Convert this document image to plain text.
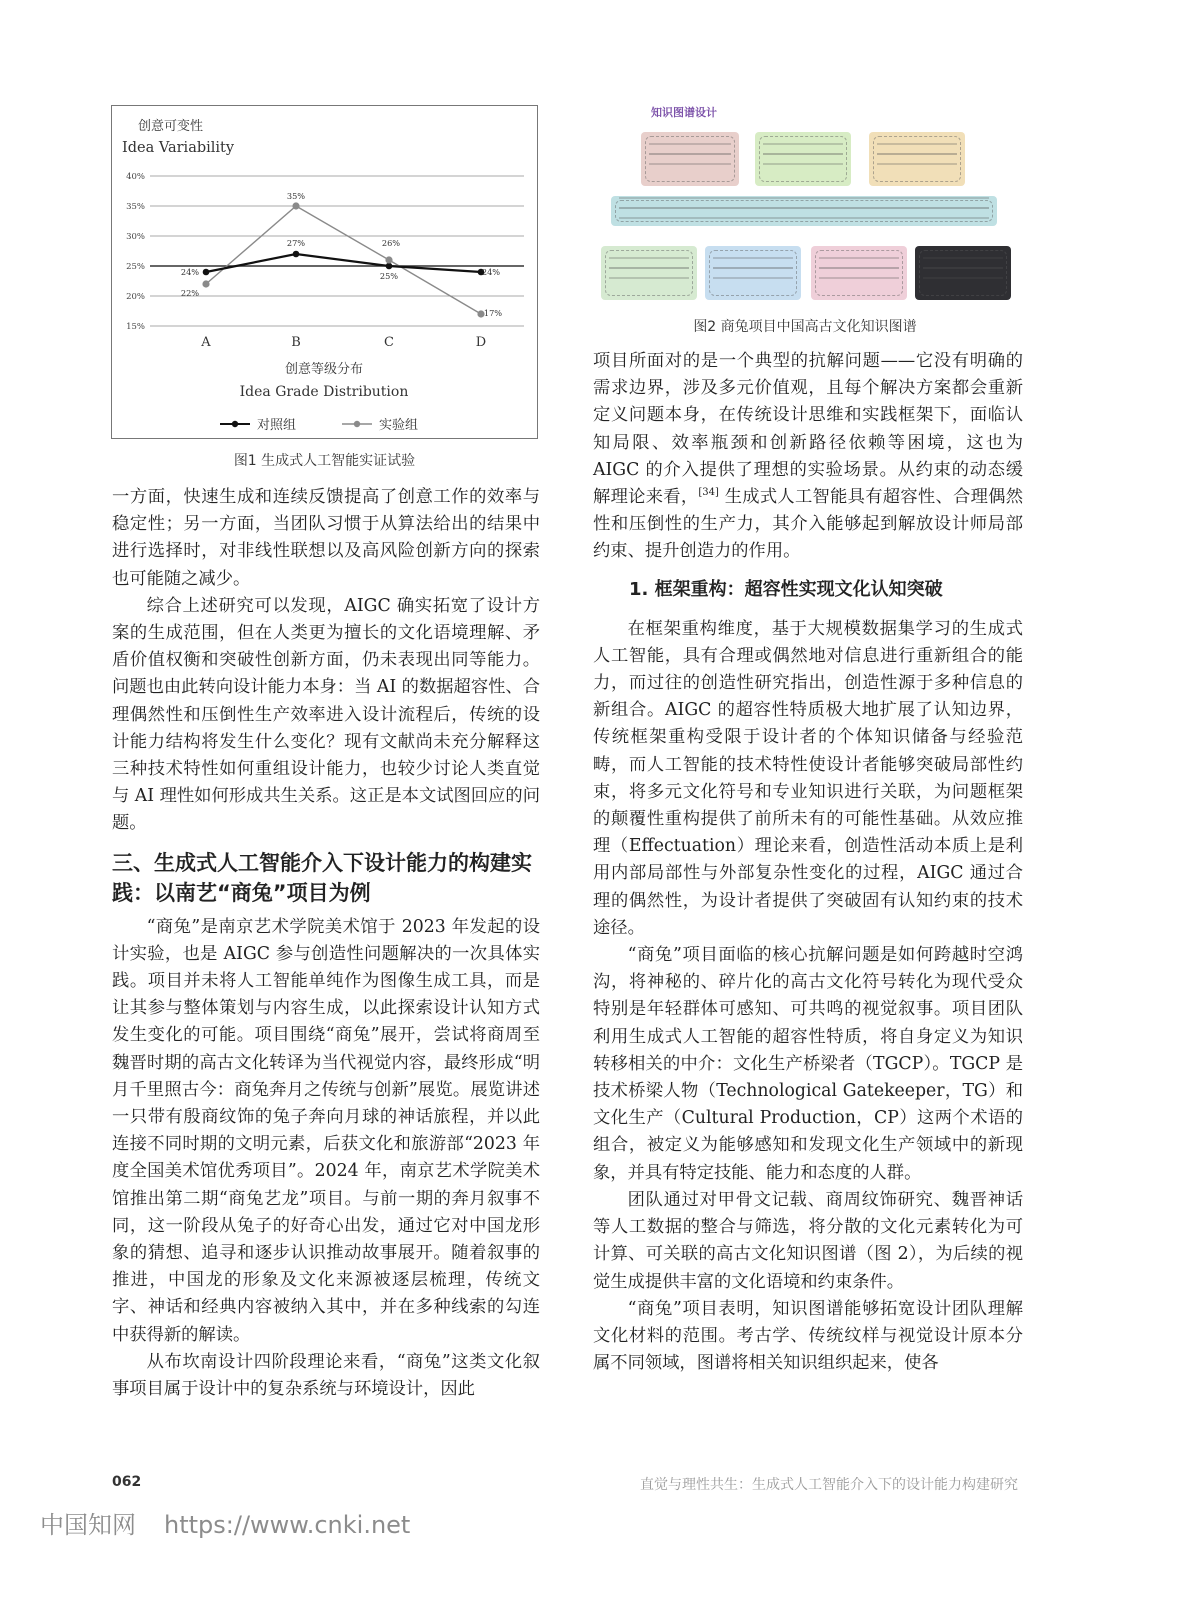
创意可变性
Idea Variability
40%
35%
30%
25%
20%
15%
A	B	C	D
24%
27%
25%	24%
22%
35%
26%
17%
创意等级分布
Idea Grade Distribution
对照组	实验组
图1 生成式人工智能实证试验
知识图谱设计
图2 商兔项目中国高古文化知识图谱

一方面，快速生成和连续反馈提高了创意工作的效率与稳定性；另一方面，当团队习惯于从算法给出的结果中进行选择时，对非线性联想以及高风险创新方向的探索也可能随之减少。

综合上述研究可以发现，AIGC 确实拓宽了设计方案的生成范围，但在人类更为擅长的文化语境理解、矛盾价值权衡和突破性创新方面，仍未表现出同等能力。问题也由此转向设计能力本身：当 AI 的数据超容性、合理偶然性和压倒性生产效率进入设计流程后，传统的设计能力结构将发生什么变化？现有文献尚未充分解释这三种技术特性如何重组设计能力，也较少讨论人类直觉与 AI 理性如何形成共生关系。这正是本文试图回应的问题。

三、生成式人工智能介入下设计能力的构建实践：以南艺“商兔”项目为例

“商兔”是南京艺术学院美术馆于 2023 年发起的设计实验，也是 AIGC 参与创造性问题解决的一次具体实践。项目并未将人工智能单纯作为图像生成工具，而是让其参与整体策划与内容生成，以此探索设计认知方式发生变化的可能。项目围绕“商兔”展开，尝试将商周至魏晋时期的高古文化转译为当代视觉内容，最终形成“明月千里照古今：商兔奔月之传统与创新”展览。展览讲述一只带有殷商纹饰的兔子奔向月球的神话旅程，并以此连接不同时期的文明元素，后获文化和旅游部“2023 年度全国美术馆优秀项目”。2024 年，南京艺术学院美术馆推出第二期“商兔艺龙”项目。与前一期的奔月叙事不同，这一阶段从兔子的好奇心出发，通过它对中国龙形象的猜想、追寻和逐步认识推动故事展开。随着叙事的推进，中国龙的形象及文化来源被逐层梳理，传统文字、神话和经典内容被纳入其中，并在多种线索的勾连中获得新的解读。

从布坎南设计四阶段理论来看，“商兔”这类文化叙事项目属于设计中的复杂系统与环境设计，因此

项目所面对的是一个典型的抗解问题——它没有明确的需求边界，涉及多元价值观，且每个解决方案都会重新定义问题本身，在传统设计思维和实践框架下，面临认知局限、效率瓶颈和创新路径依赖等困境，这也为 AIGC 的介入提供了理想的实验场景。从约束的动态缓解理论来看，[34] 生成式人工智能具有超容性、合理偶然性和压倒性的生产力，其介入能够起到解放设计师局部约束、提升创造力的作用。

1. 框架重构：超容性实现文化认知突破

在框架重构维度，基于大规模数据集学习的生成式人工智能，具有合理或偶然地对信息进行重新组合的能力，而过往的创造性研究指出，创造性源于多种信息的新组合。AIGC 的超容性特质极大地扩展了认知边界，传统框架重构受限于设计者的个体知识储备与经验范畴，而人工智能的技术特性使设计者能够突破局部性约束，将多元文化符号和专业知识进行关联，为问题框架的颠覆性重构提供了前所未有的可能性基础。从效应推理（Effectuation）理论来看，创造性活动本质上是利用内部局部性与外部复杂性变化的过程，AIGC 通过合理的偶然性，为设计者提供了突破固有认知约束的技术途径。

“商兔”项目面临的核心抗解问题是如何跨越时空鸿沟，将神秘的、碎片化的高古文化符号转化为现代受众特别是年轻群体可感知、可共鸣的视觉叙事。项目团队利用生成式人工智能的超容性特质，将自身定义为知识转移相关的中介：文化生产桥梁者（TGCP）。TGCP 是技术桥梁人物（Technological Gatekeeper，TG）和文化生产（Cultural Production，CP）这两个术语的组合，被定义为能够感知和发现文化生产领域中的新现象，并具有特定技能、能力和态度的人群。

团队通过对甲骨文记载、商周纹饰研究、魏晋神话等人工数据的整合与筛选，将分散的文化元素转化为可计算、可关联的高古文化知识图谱（图 2），为后续的视觉生成提供丰富的文化语境和约束条件。

“商兔”项目表明，知识图谱能够拓宽设计团队理解文化材料的范围。考古学、传统纹样与视觉设计原本分属不同领域，图谱将相关知识组织起来，使各

062	直觉与理性共生：生成式人工智能介入下的设计能力构建研究
中国知网 https://www.cnki.net
